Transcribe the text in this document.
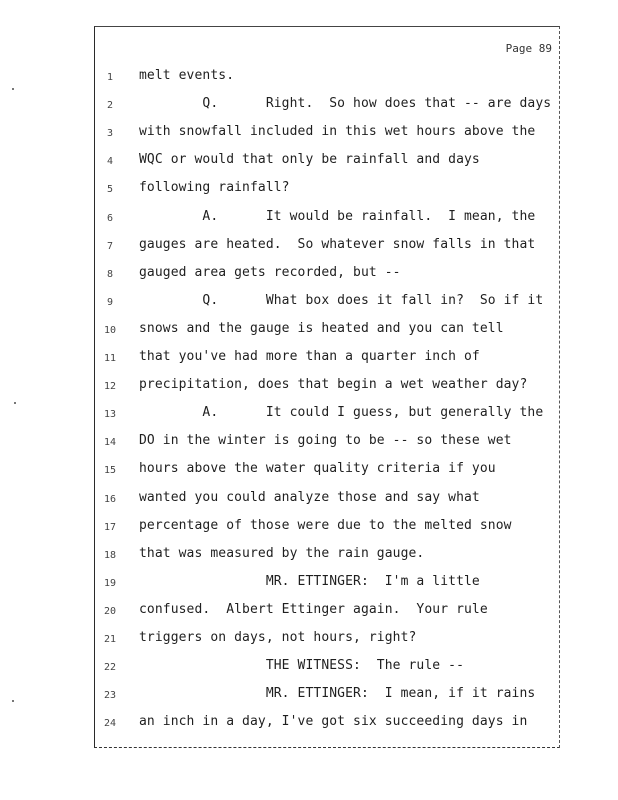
Page 89
1	melt events.
2	Q.      Right.  So how does that -- are days
3	with snowfall included in this wet hours above the
4	WQC or would that only be rainfall and days
5	following rainfall?
6	A.      It would be rainfall.  I mean, the
7	gauges are heated.  So whatever snow falls in that
8	gauged area gets recorded, but --
9	Q.      What box does it fall in?  So if it
10	snows and the gauge is heated and you can tell
11	that you've had more than a quarter inch of
12	precipitation, does that begin a wet weather day?
13	A.      It could I guess, but generally the
14	DO in the winter is going to be -- so these wet
15	hours above the water quality criteria if you
16	wanted you could analyze those and say what
17	percentage of those were due to the melted snow
18	that was measured by the rain gauge.
19	MR. ETTINGER:  I'm a little
20	confused.  Albert Ettinger again.  Your rule
21	triggers on days, not hours, right?
22	THE WITNESS:  The rule --
23	MR. ETTINGER:  I mean, if it rains
24	an inch in a day, I've got six succeeding days in
